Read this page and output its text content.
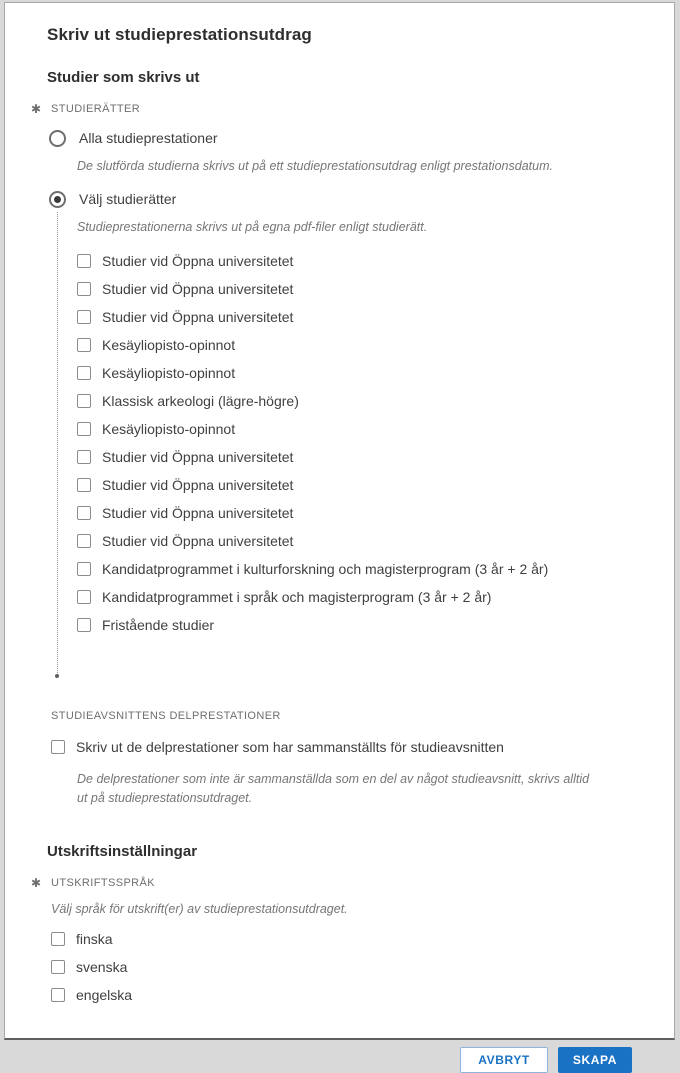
Skriv ut studieprestationsutdrag
Studier som skrivs ut
✱ STUDIERÄTTER
Alla studieprestationer
De slutförda studierna skrivs ut på ett studieprestationsutdrag enligt prestationsdatum.
Välj studierätter
Studieprestationerna skrivs ut på egna pdf-filer enligt studierätt.
Studier vid Öppna universitetet
Studier vid Öppna universitetet
Studier vid Öppna universitetet
Kesäyliopisto-opinnot
Kesäyliopisto-opinnot
Klassisk arkeologi (lägre-högre)
Kesäyliopisto-opinnot
Studier vid Öppna universitetet
Studier vid Öppna universitetet
Studier vid Öppna universitetet
Studier vid Öppna universitetet
Kandidatprogrammet i kulturforskning och magisterprogram (3 år + 2 år)
Kandidatprogrammet i språk och magisterprogram (3 år + 2 år)
Fristående studier
STUDIEAVSNITTENS DELPRESTATIONER
Skriv ut de delprestationer som har sammanställts för studieavsnitten
De delprestationer som inte är sammanställda som en del av något studieavsnitt, skrivs alltid ut på studieprestationsutdraget.
Utskriftsinställningar
✱ UTSKRIFTSSPRÅK
Välj språk för utskrift(er) av studieprestationsutdraget.
finska
svenska
engelska
AVBRYT	SKAPA
